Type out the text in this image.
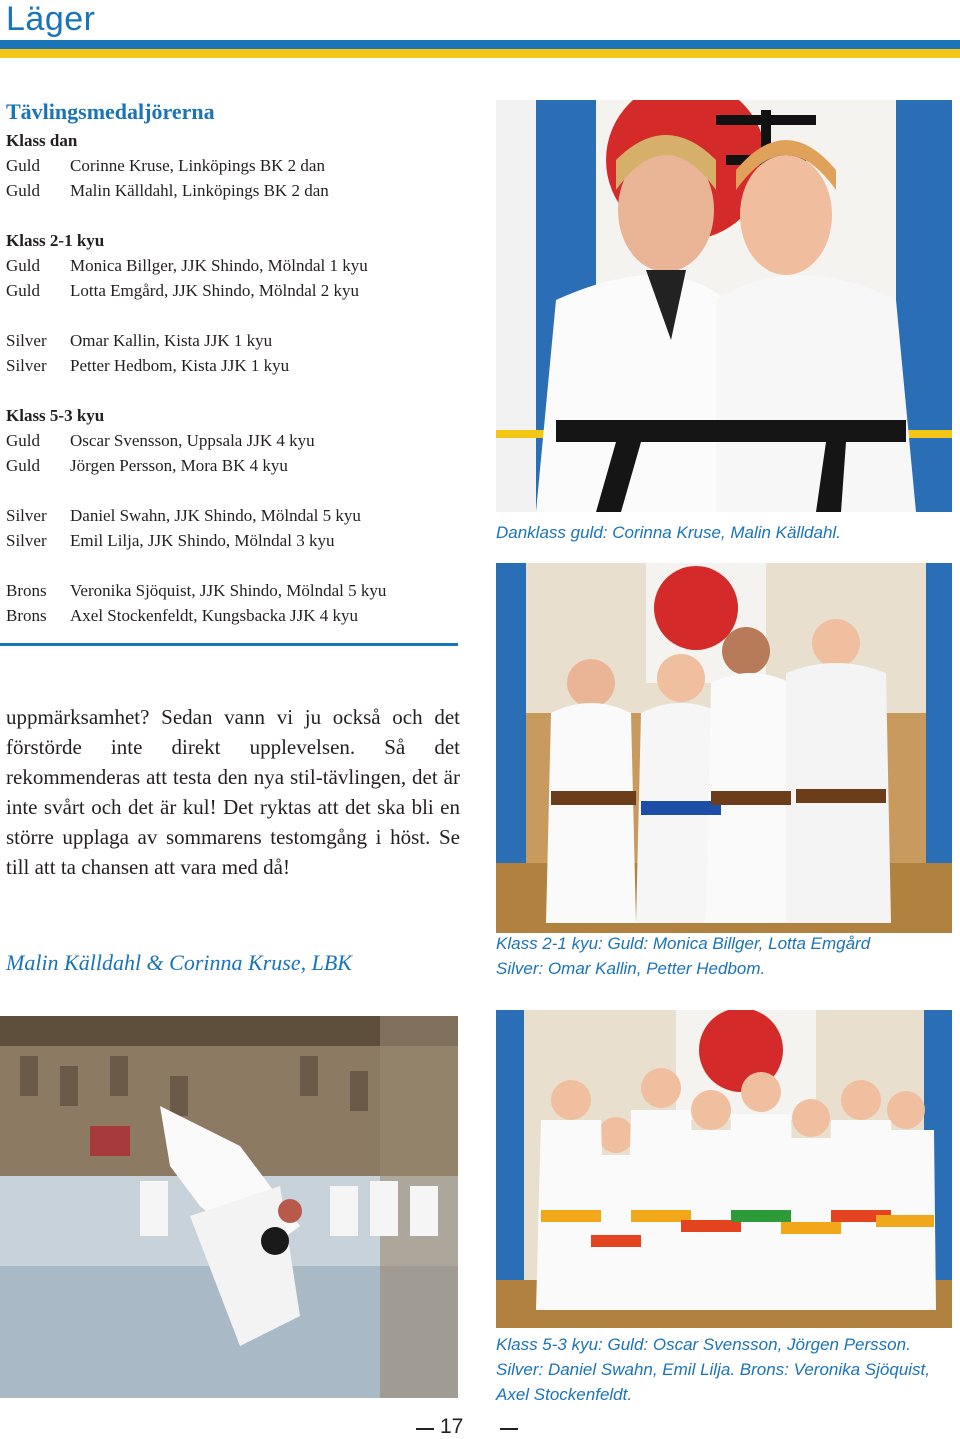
Läger
Tävlingsmedaljörerna
Klass dan
Guld	Corinne Kruse, Linköpings BK 2 dan
Guld	Malin Källdahl, Linköpings BK 2 dan
Klass 2-1 kyu
Guld	Monica Billger, JJK Shindo, Mölndal 1 kyu
Guld	Lotta Emgård, JJK Shindo, Mölndal 2 kyu
Silver	Omar Kallin, Kista JJK 1 kyu
Silver	Petter Hedbom, Kista JJK 1 kyu
Klass 5-3 kyu
Guld	Oscar Svensson, Uppsala JJK 4 kyu
Guld	Jörgen Persson, Mora BK 4 kyu
Silver	Daniel Swahn, JJK Shindo, Mölndal 5 kyu
Silver	Emil Lilja, JJK Shindo, Mölndal 3 kyu
Brons	Veronika Sjöquist, JJK Shindo, Mölndal 5 kyu
Brons	Axel Stockenfeldt, Kungsbacka JJK 4 kyu
uppmärksamhet? Sedan vann vi ju också och det förstörde inte direkt upplevelsen. Så det rekommenderas att testa den nya stil-tävlingen, det är inte svårt och det är kul! Det ryktas att det ska bli en större upplaga av sommarens testomgång i höst. Se till att ta chansen att vara med då!
Malin Källdahl & Corinna Kruse, LBK
Danklass guld: Corinna Kruse, Malin Källdahl.
Klass 2-1 kyu: Guld: Monica Billger, Lotta Emgård
Silver: Omar Kallin, Petter Hedbom.
Klass 5-3 kyu: Guld: Oscar Svensson, Jörgen Persson. Silver: Daniel Swahn, Emil Lilja. Brons: Veronika Sjöquist, Axel Stockenfeldt.
17
